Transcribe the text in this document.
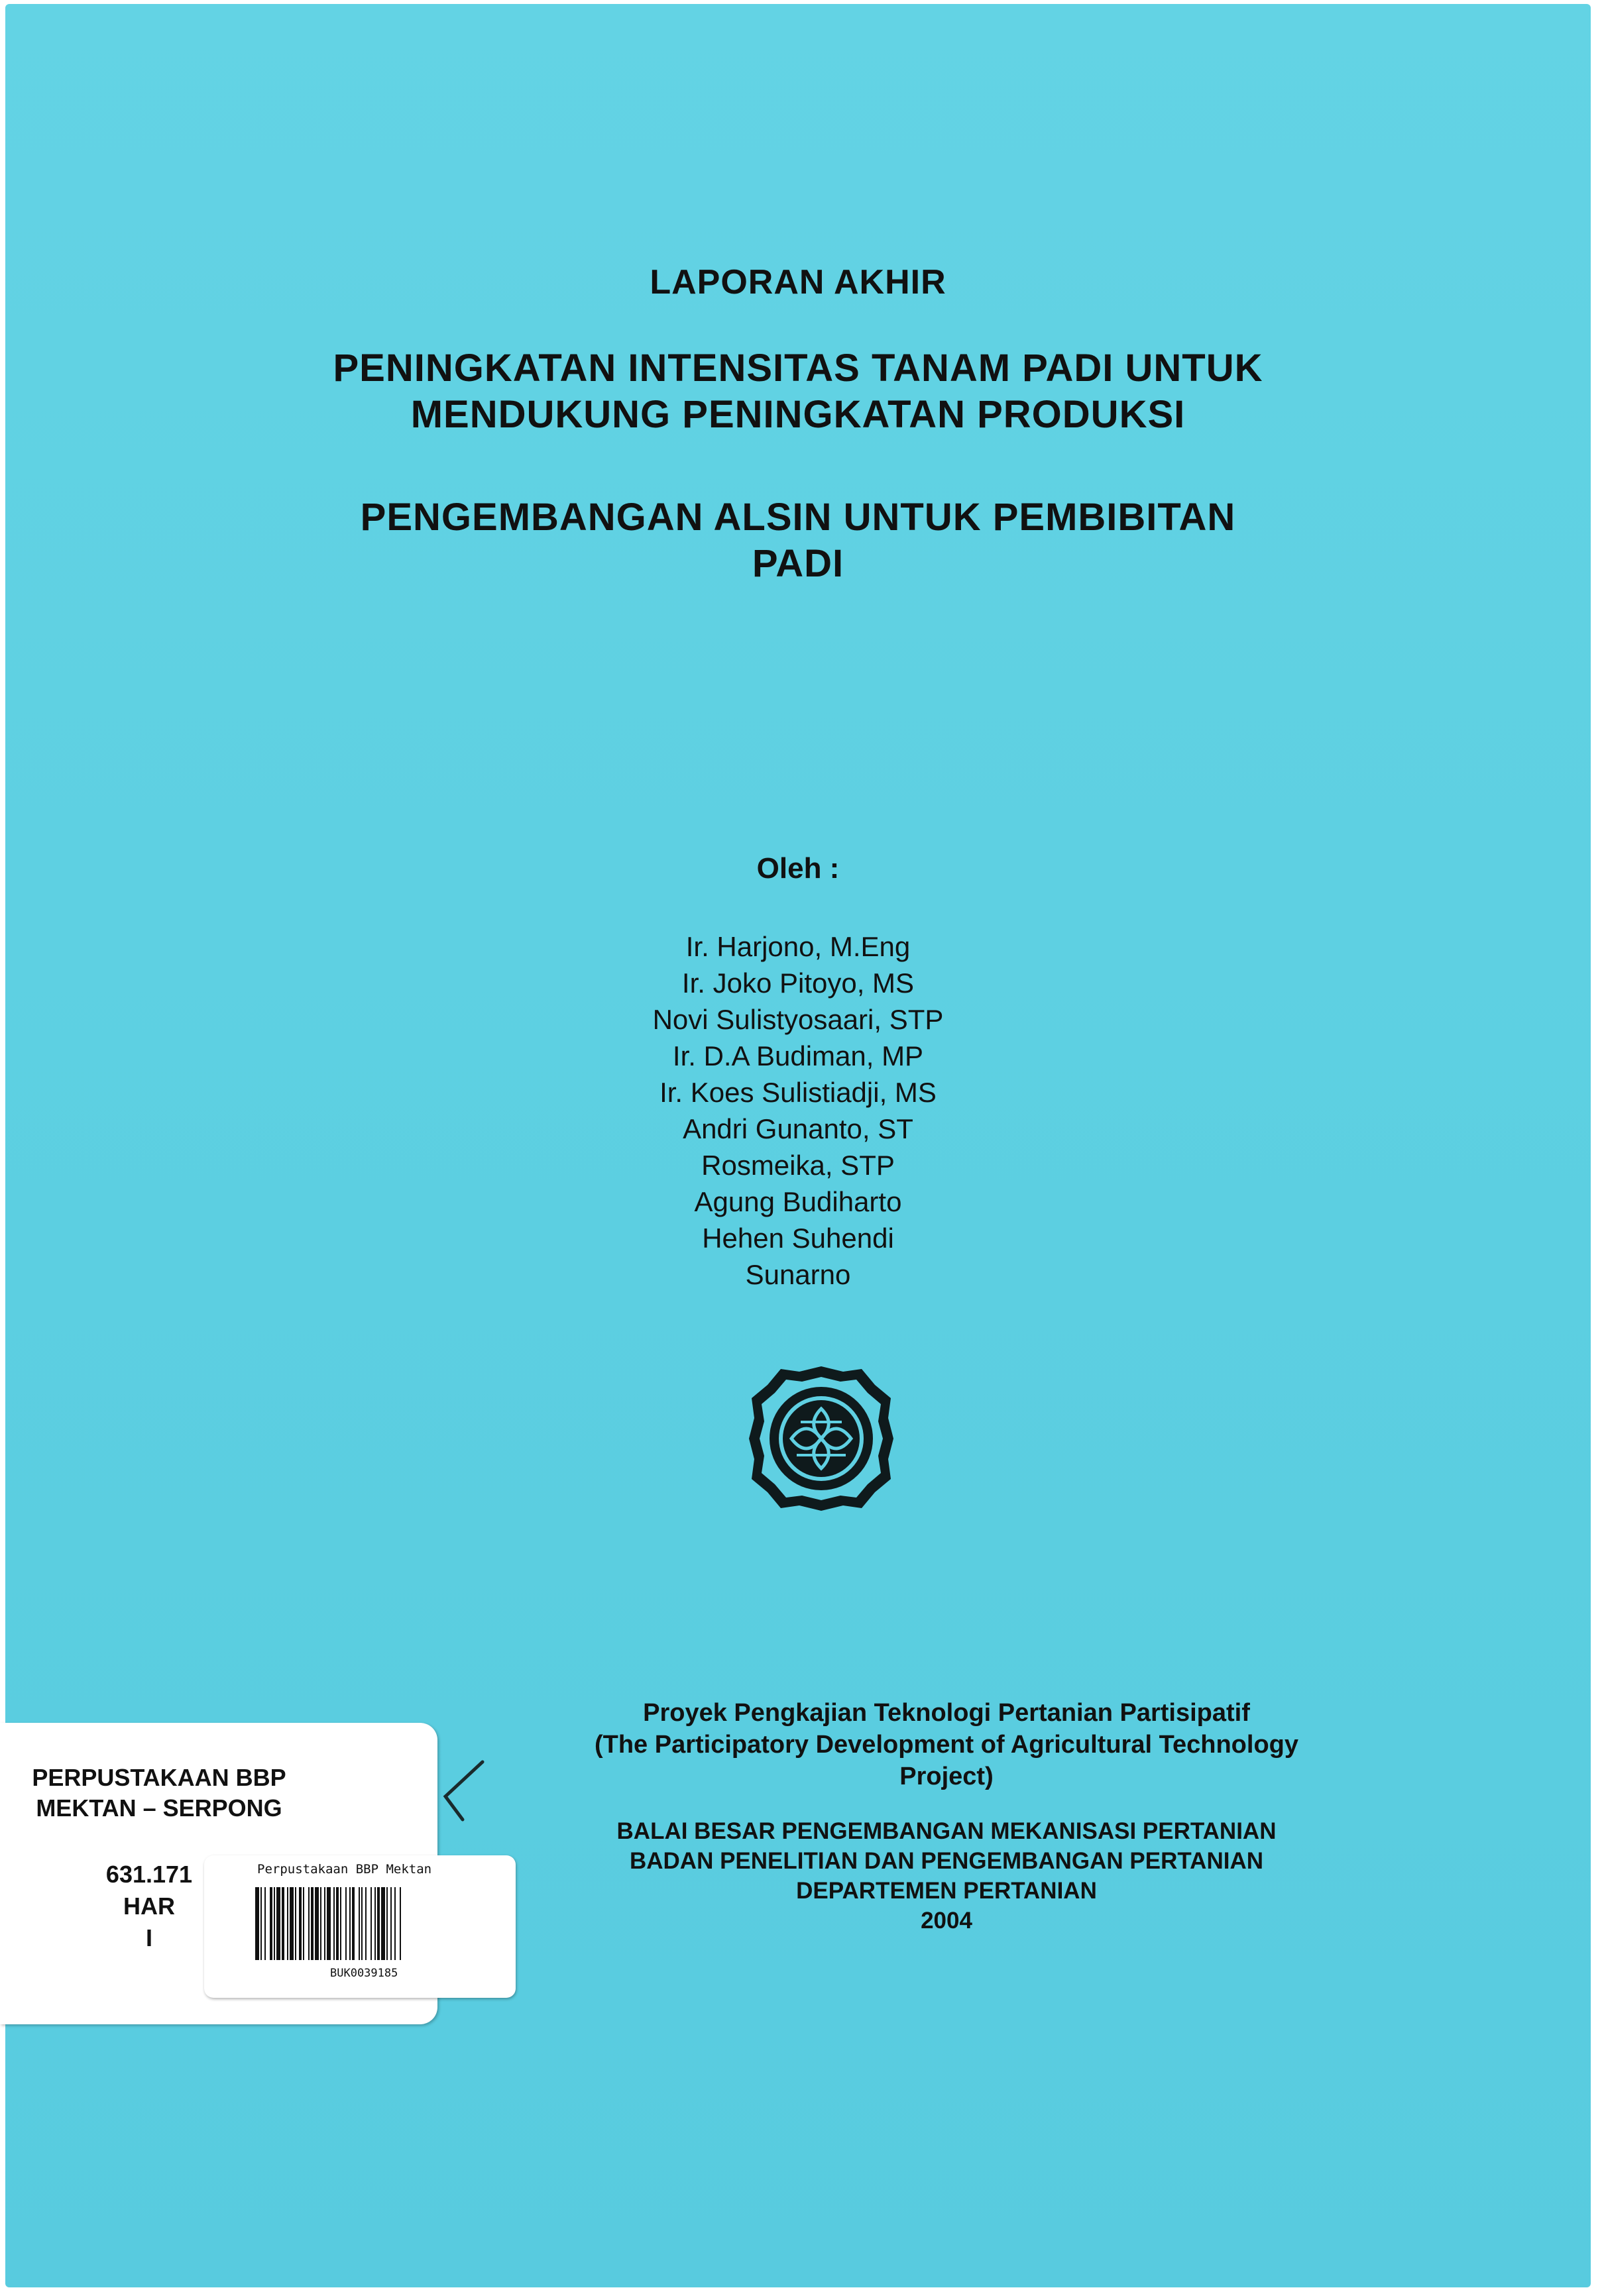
LAPORAN AKHIR

PENINGKATAN INTENSITAS TANAM PADI UNTUK

MENDUKUNG PENINGKATAN PRODUKSI

PENGEMBANGAN ALSIN UNTUK PEMBIBITAN

PADI

Oleh :
Ir. Harjono, M.Eng
Ir. Joko Pitoyo, MS
Novi Sulistyosaari, STP
Ir. D.A Budiman, MP
Ir. Koes Sulistiadji, MS
Andri Gunanto, ST
Rosmeika, STP
Agung Budiharto
Hehen Suhendi
Sunarno
Proyek Pengkajian Teknologi Pertanian Partisipatif
(The Participatory Development of Agricultural Technology
Project)
BALAI BESAR PENGEMBANGAN MEKANISASI PERTANIAN
BADAN PENELITIAN DAN PENGEMBANGAN PERTANIAN
DEPARTEMEN PERTANIAN
2004
PERPUSTAKAAN BBP
MEKTAN – SERPONG
631.171
HAR
I
Perpustakaan BBP Mektan
BUK0039185
